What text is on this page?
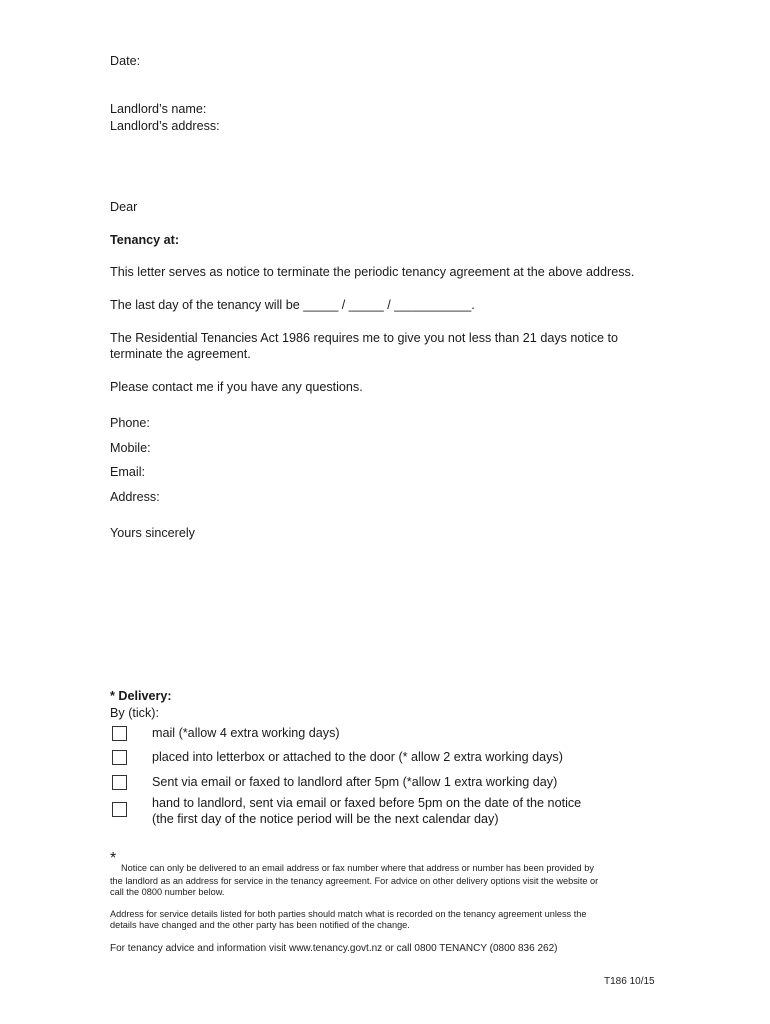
Date:
Landlord’s name:
Landlord’s address:
Dear
Tenancy at:
This letter serves as notice to terminate the periodic tenancy agreement at the above address.
The last day of the tenancy will be _____ / _____ / ___________.
The Residential Tenancies Act 1986 requires me to give you not less than 21 days notice to
terminate the agreement.
Please contact me if you have any questions.
Phone:
Mobile:
Email:
Address:
Yours sincerely
* Delivery:
By (tick):
mail (*allow 4 extra working days)
placed into letterbox or attached to the door (* allow 2 extra working days)
Sent via email or faxed to landlord after 5pm (*allow 1 extra working day)
hand to landlord, sent via email or faxed before 5pm on the date of the notice
(the first day of the notice period will be the next calendar day)
*
Notice can only be delivered to an email address or fax number where that address or number has been provided by
the landlord as an address for service in the tenancy agreement. For advice on other delivery options visit the website or
call the 0800 number below.
Address for service details listed for both parties should match what is recorded on the tenancy agreement unless the
details have changed and the other party has been notified of the change.
For tenancy advice and information visit www.tenancy.govt.nz or call 0800 TENANCY (0800 836 262)
T186 10/15
